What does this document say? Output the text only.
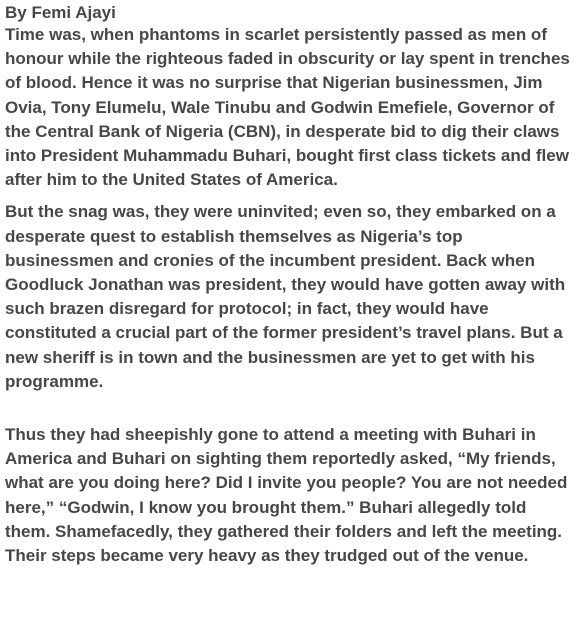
By Femi Ajayi

Time was, when phantoms in scarlet persistently passed as men of honour while the righteous faded in obscurity or lay spent in trenches of blood. Hence it was no surprise that Nigerian businessmen, Jim Ovia, Tony Elumelu, Wale Tinubu and Godwin Emefiele, Governor of the Central Bank of Nigeria (CBN), in desperate bid to dig their claws into President Muhammadu Buhari, bought first class tickets and flew after him to the United States of America.

But the snag was, they were uninvited; even so, they embarked on a desperate quest to establish themselves as Nigeria’s top businessmen and cronies of the incumbent president. Back when Goodluck Jonathan was president, they would have gotten away with such brazen disregard for protocol; in fact, they would have constituted a crucial part of the former president’s travel plans. But a new sheriff is in town and the businessmen are yet to get with his programme.

Thus they had sheepishly gone to attend a meeting with Buhari in America and Buhari on sighting them reportedly asked, “My friends, what are you doing here? Did I invite you people? You are not needed here,” “Godwin, I know you brought them.” Buhari allegedly told them. Shamefacedly, they gathered their folders and left the meeting. Their steps became very heavy as they trudged out of the venue.
